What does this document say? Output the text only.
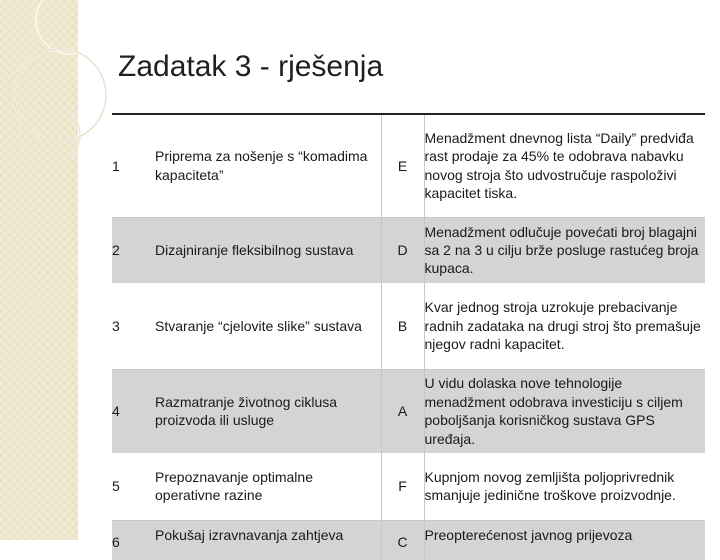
Zadatak 3 - rješenja
1	Priprema za nošenje s “komadima kapaciteta”	E	Menadžment dnevnog lista “Daily” predviđa rast prodaje za 45% te odobrava nabavku novog stroja što udvostručuje raspoloživi kapacitet tiska.
2	Dizajniranje fleksibilnog sustava	D	Menadžment odlučuje povećati broj blagajni sa 2 na 3 u cilju brže posluge rastućeg broja kupaca.
3	Stvaranje “cjelovite slike” sustava	B	Kvar jednog stroja uzrokuje prebacivanje radnih zadataka na drugi stroj što premašuje njegov radni kapacitet.
4	Razmatranje životnog ciklusa proizvoda ili usluge	A	U vidu dolaska nove tehnologije menadžment odobrava investiciju s ciljem poboljšanja korisničkog sustava GPS uređaja.
5	Prepoznavanje optimalne operativne razine	F	Kupnjom novog zemljišta poljoprivrednik smanjuje jedinične troškove proizvodnje.
6	Pokušaj izravnavanja zahtjeva	C	Preopterećenost javnog prijevoza
